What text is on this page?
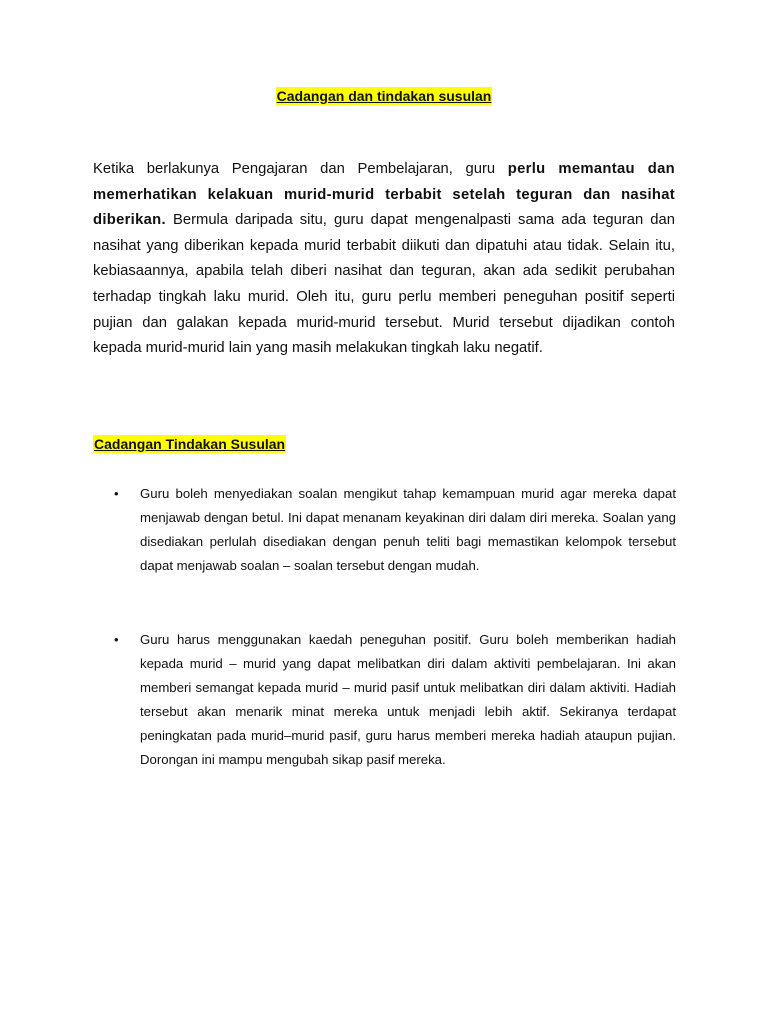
Cadangan dan tindakan susulan

Ketika berlakunya Pengajaran dan Pembelajaran, guru perlu memantau dan memerhatikan kelakuan murid-murid terbabit setelah teguran dan nasihat diberikan. Bermula daripada situ, guru dapat mengenalpasti sama ada teguran dan nasihat yang diberikan kepada murid terbabit diikuti dan dipatuhi atau tidak. Selain itu, kebiasaannya, apabila telah diberi nasihat dan teguran, akan ada sedikit perubahan terhadap tingkah laku murid. Oleh itu, guru perlu memberi peneguhan positif seperti pujian dan galakan kepada murid-murid tersebut. Murid tersebut dijadikan contoh kepada murid-murid lain yang masih melakukan tingkah laku negatif.

Cadangan Tindakan Susulan
• Guru boleh menyediakan soalan mengikut tahap kemampuan murid agar mereka dapat menjawab dengan betul. Ini dapat menanam keyakinan diri dalam diri mereka. Soalan yang disediakan perlulah disediakan dengan penuh teliti bagi memastikan kelompok tersebut dapat menjawab soalan – soalan tersebut dengan mudah.
• Guru harus menggunakan kaedah peneguhan positif. Guru boleh memberikan hadiah kepada murid – murid yang dapat melibatkan diri dalam aktiviti pembelajaran. Ini akan memberi semangat kepada murid – murid pasif untuk melibatkan diri dalam aktiviti. Hadiah tersebut akan menarik minat mereka untuk menjadi lebih aktif. Sekiranya terdapat peningkatan pada murid–murid pasif, guru harus memberi mereka hadiah ataupun pujian. Dorongan ini mampu mengubah sikap pasif mereka.
